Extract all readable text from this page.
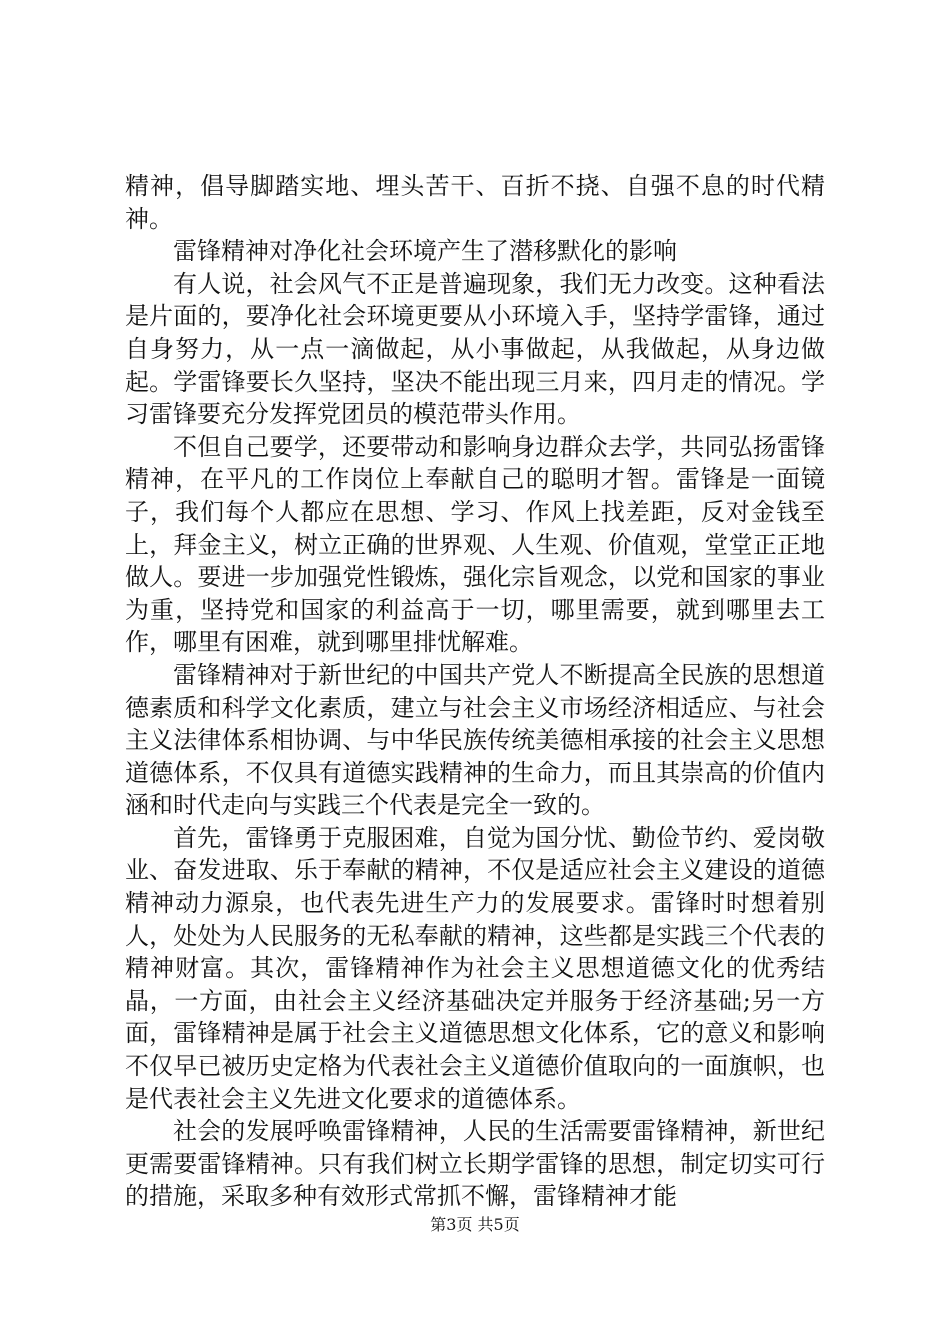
精神，倡导脚踏实地、埋头苦干、百折不挠、自强不息的时代精神。

雷锋精神对净化社会环境产生了潜移默化的影响

有人说，社会风气不正是普遍现象，我们无力改变。这种看法是片面的，要净化社会环境更要从小环境入手，坚持学雷锋，通过自身努力，从一点一滴做起，从小事做起，从我做起，从身边做起。学雷锋要长久坚持，坚决不能出现三月来，四月走的情况。学习雷锋要充分发挥党团员的模范带头作用。

不但自己要学，还要带动和影响身边群众去学，共同弘扬雷锋精神，在平凡的工作岗位上奉献自己的聪明才智。雷锋是一面镜子，我们每个人都应在思想、学习、作风上找差距，反对金钱至上，拜金主义，树立正确的世界观、人生观、价值观，堂堂正正地做人。要进一步加强党性锻炼，强化宗旨观念，以党和国家的事业为重，坚持党和国家的利益高于一切，哪里需要，就到哪里去工作，哪里有困难，就到哪里排忧解难。

雷锋精神对于新世纪的中国共产党人不断提高全民族的思想道德素质和科学文化素质，建立与社会主义市场经济相适应、与社会主义法律体系相协调、与中华民族传统美德相承接的社会主义思想道德体系，不仅具有道德实践精神的生命力，而且其崇高的价值内涵和时代走向与实践三个代表是完全一致的。

首先，雷锋勇于克服困难，自觉为国分忧、勤俭节约、爱岗敬业、奋发进取、乐于奉献的精神，不仅是适应社会主义建设的道德精神动力源泉，也代表先进生产力的发展要求。雷锋时时想着别人，处处为人民服务的无私奉献的精神，这些都是实践三个代表的精神财富。其次，雷锋精神作为社会主义思想道德文化的优秀结晶，一方面，由社会主义经济基础决定并服务于经济基础;另一方面，雷锋精神是属于社会主义道德思想文化体系，它的意义和影响不仅早已被历史定格为代表社会主义道德价值取向的一面旗帜，也是代表社会主义先进文化要求的道德体系。

社会的发展呼唤雷锋精神，人民的生活需要雷锋精神，新世纪更需要雷锋精神。只有我们树立长期学雷锋的思想，制定切实可行的措施，采取多种有效形式常抓不懈，雷锋精神才能

第3页 共5页
